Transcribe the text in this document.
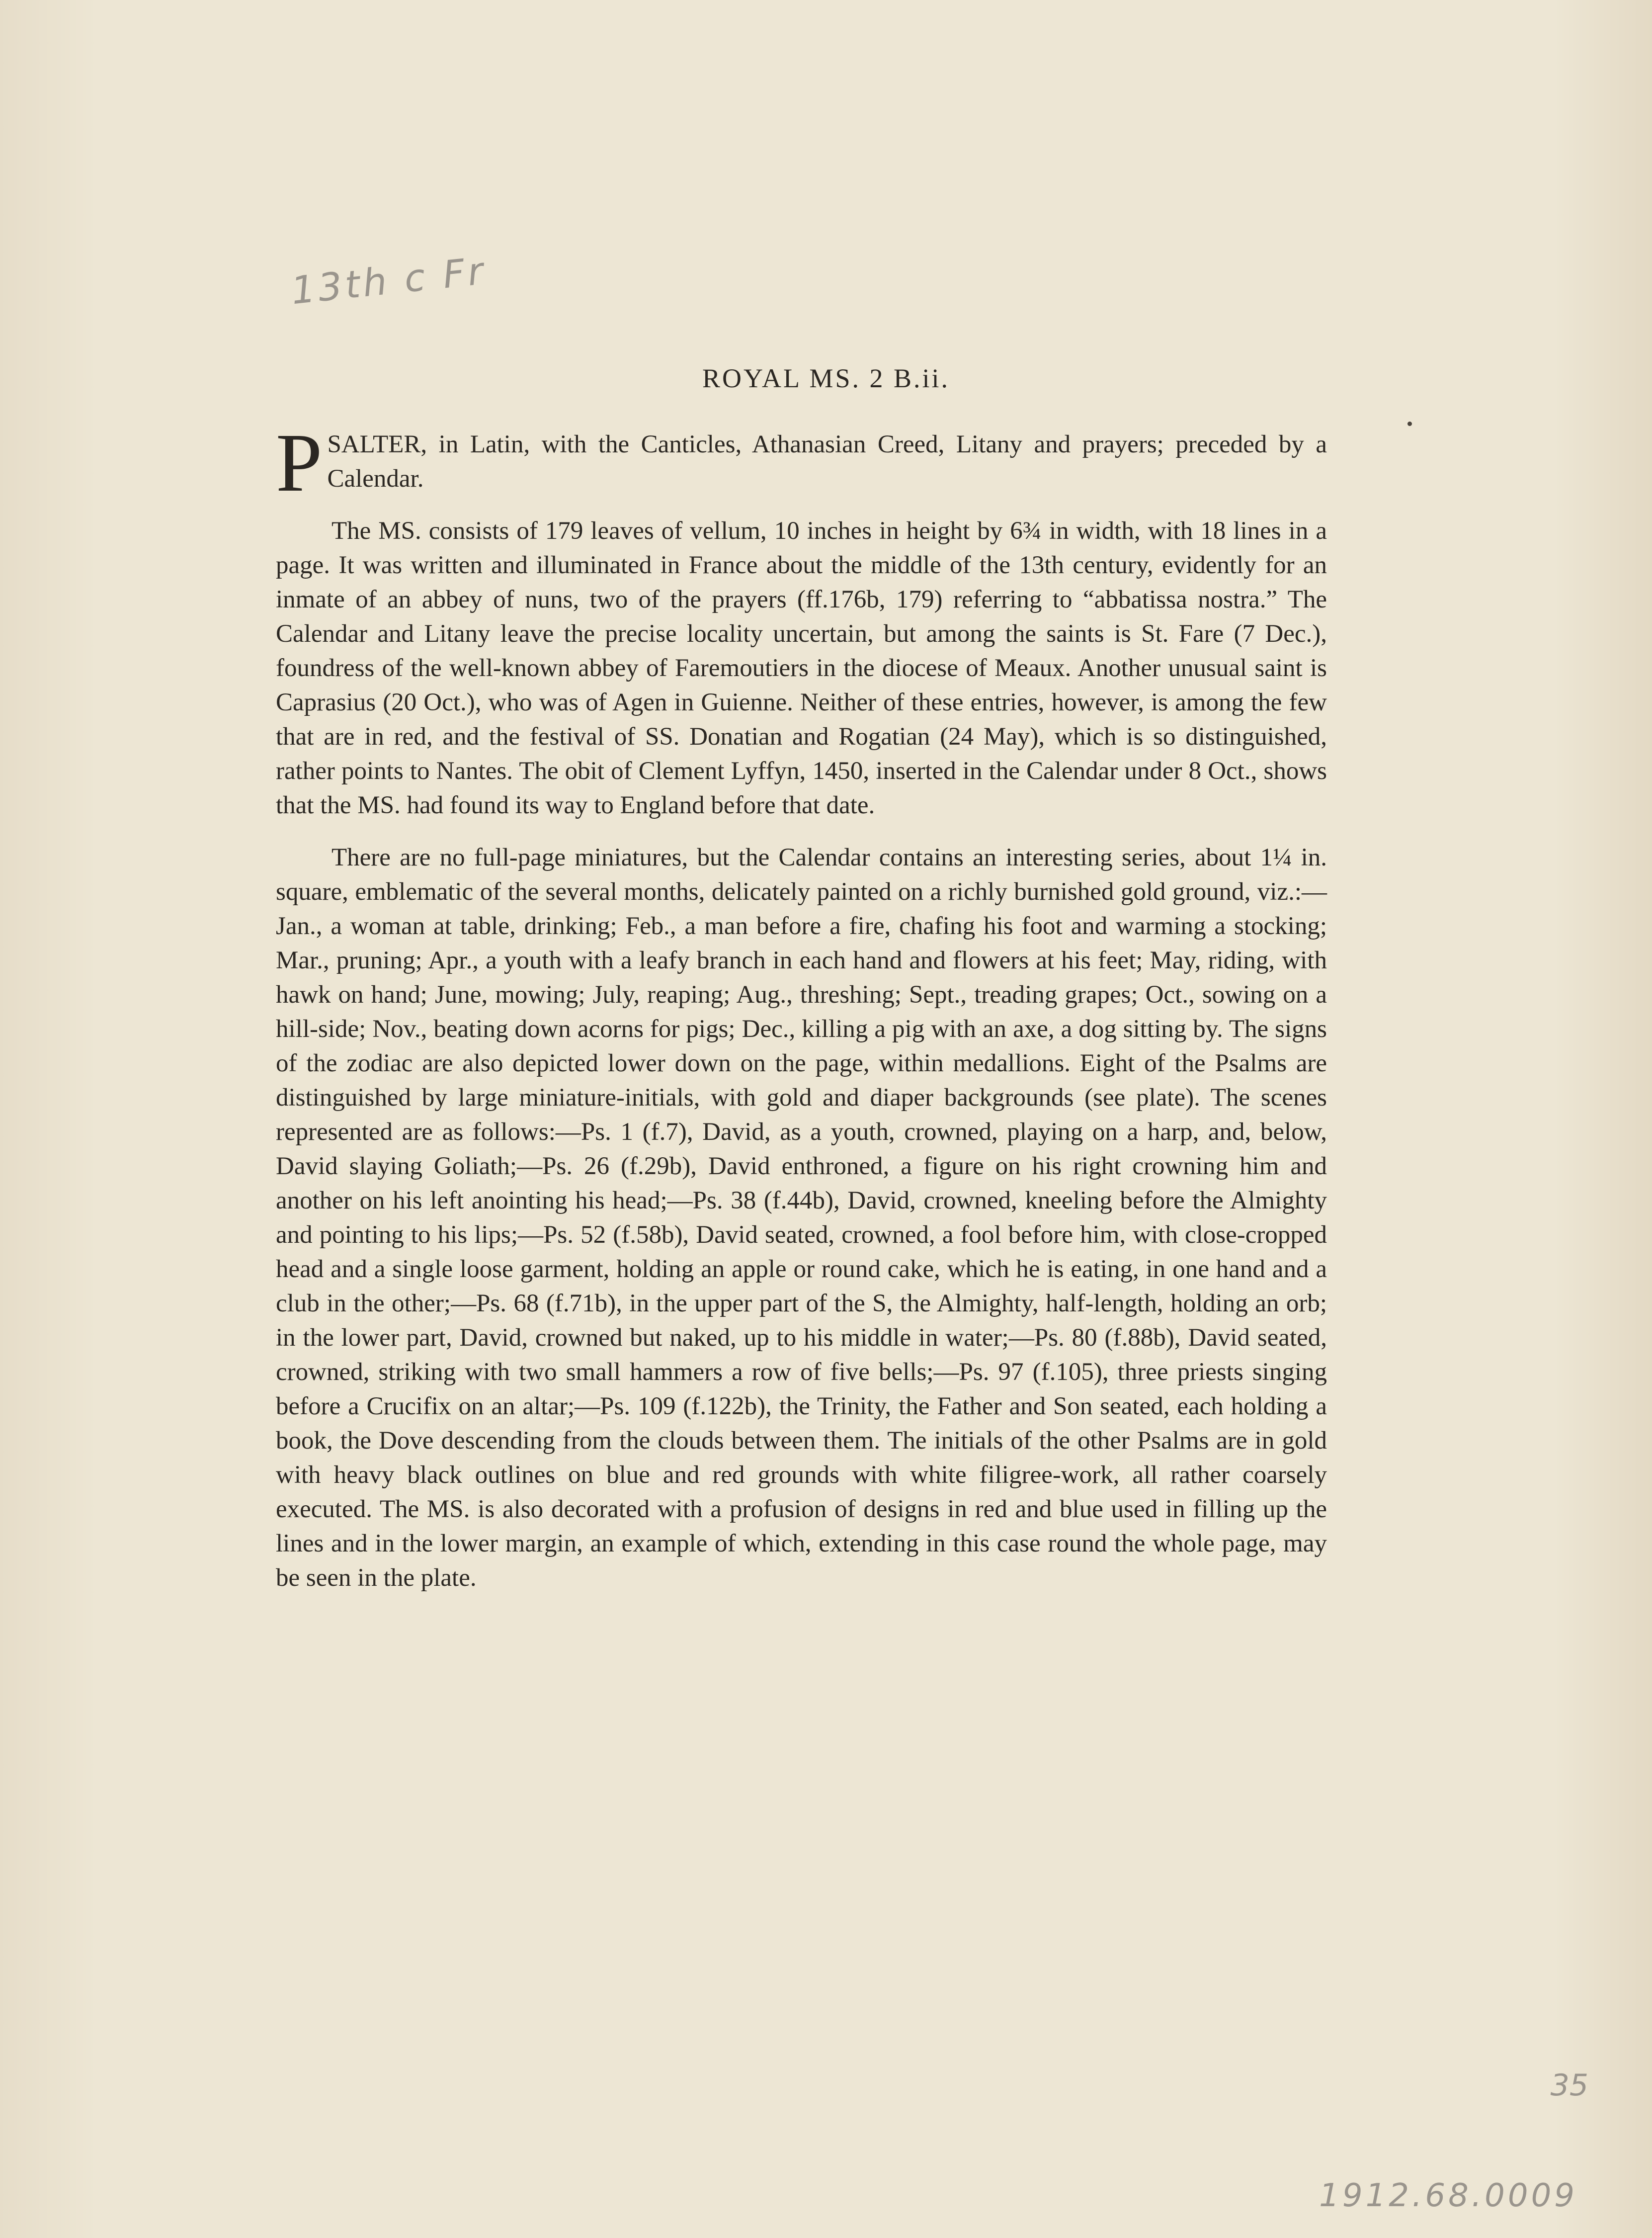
13th c Fr
ROYAL MS. 2 B.ii.

PSALTER, in Latin, with the Canticles, Athanasian Creed, Litany and prayers; preceded by a Calendar.

The MS. consists of 179 leaves of vellum, 10 inches in height by 6¾ in width, with 18 lines in a page. It was written and illuminated in France about the middle of the 13th century, evidently for an inmate of an abbey of nuns, two of the prayers (ff.176b, 179) referring to “abbatissa nostra.” The Calendar and Litany leave the precise locality uncertain, but among the saints is St. Fare (7 Dec.), foundress of the well-known abbey of Faremoutiers in the diocese of Meaux. Another unusual saint is Caprasius (20 Oct.), who was of Agen in Guienne. Neither of these entries, however, is among the few that are in red, and the festival of SS. Donatian and Rogatian (24 May), which is so distinguished, rather points to Nantes. The obit of Clement Lyffyn, 1450, inserted in the Calendar under 8 Oct., shows that the MS. had found its way to England before that date.

There are no full-page miniatures, but the Calendar contains an interesting series, about 1¼ in. square, emblematic of the several months, delicately painted on a richly burnished gold ground, viz.:—Jan., a woman at table, drinking; Feb., a man before a fire, chafing his foot and warming a stocking; Mar., pruning; Apr., a youth with a leafy branch in each hand and flowers at his feet; May, riding, with hawk on hand; June, mowing; July, reaping; Aug., threshing; Sept., treading grapes; Oct., sowing on a hill-side; Nov., beating down acorns for pigs; Dec., killing a pig with an axe, a dog sitting by. The signs of the zodiac are also depicted lower down on the page, within medallions. Eight of the Psalms are distinguished by large miniature-initials, with gold and diaper backgrounds (see plate). The scenes represented are as follows:—Ps. 1 (f.7), David, as a youth, crowned, playing on a harp, and, below, David slaying Goliath;—Ps. 26 (f.29b), David enthroned, a figure on his right crowning him and another on his left anointing his head;—Ps. 38 (f.44b), David, crowned, kneeling before the Almighty and pointing to his lips;—Ps. 52 (f.58b), David seated, crowned, a fool before him, with close-cropped head and a single loose garment, holding an apple or round cake, which he is eating, in one hand and a club in the other;—Ps. 68 (f.71b), in the upper part of the S, the Almighty, half-length, holding an orb; in the lower part, David, crowned but naked, up to his middle in water;—Ps. 80 (f.88b), David seated, crowned, striking with two small hammers a row of five bells;—Ps. 97 (f.105), three priests singing before a Crucifix on an altar;—Ps. 109 (f.122b), the Trinity, the Father and Son seated, each holding a book, the Dove descending from the clouds between them. The initials of the other Psalms are in gold with heavy black outlines on blue and red grounds with white filigree-work, all rather coarsely executed. The MS. is also decorated with a profusion of designs in red and blue used in filling up the lines and in the lower margin, an example of which, extending in this case round the whole page, may be seen in the plate.

35
1912.68.0009
